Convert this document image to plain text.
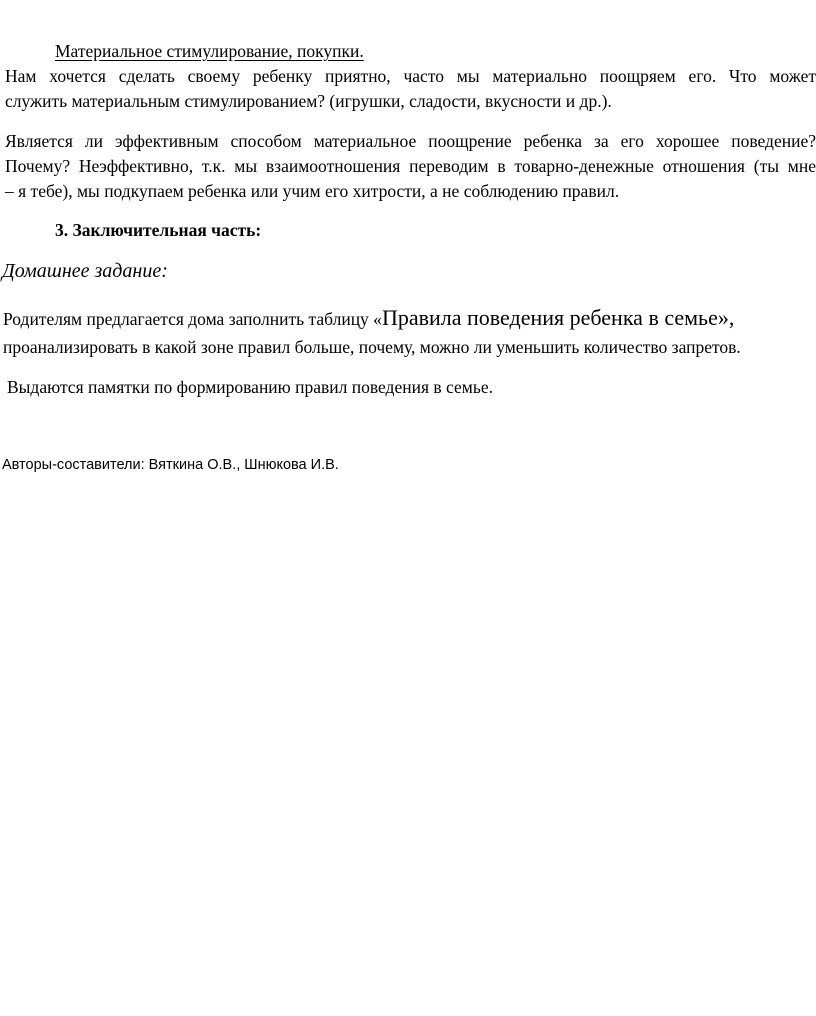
Материальное стимулирование, покупки.

Нам хочется сделать своему ребенку приятно, часто мы материально поощряем его. Что может

служить материальным стимулированием? (игрушки, сладости, вкусности и др.).

Является ли эффективным способом материальное поощрение ребенка за его хорошее поведение?

Почему? Неэффективно, т.к. мы взаимоотношения переводим в товарно-денежные отношения (ты мне

– я тебе), мы подкупаем ребенка или учим его хитрости, а не соблюдению правил.

3. Заключительная часть:

Домашнее задание:

Родителям предлагается дома заполнить таблицу «Правила поведения ребенка в семье»,

проанализировать в какой зоне правил больше, почему, можно ли уменьшить количество запретов.

Выдаются памятки по формированию правил поведения в семье.

Авторы-составители: Вяткина О.В., Шнюкова И.В.
